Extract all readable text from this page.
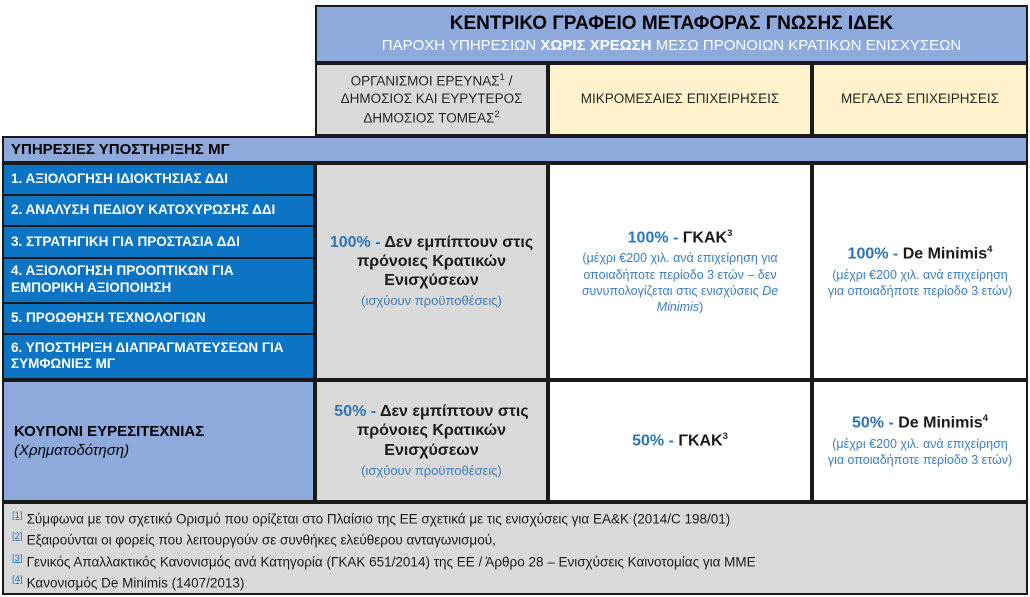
ΚΕΝΤΡΙΚΟ ΓΡΑΦΕΙΟ ΜΕΤΑΦΟΡΑΣ ΓΝΩΣΗΣ ΙΔΕΚ
ΠΑΡΟΧΗ ΥΠΗΡΕΣΙΩΝ ΧΩΡΙΣ ΧΡΕΩΣΗ ΜΕΣΩ ΠΡΟΝΟΙΩΝ ΚΡΑΤΙΚΩΝ ΕΝΙΣΧΥΣΕΩΝ
ΟΡΓΑΝΙΣΜΟΙ ΕΡΕΥΝΑΣ$^1$ / ΔΗΜΟΣΙΟΣ ΚΑΙ ΕΥΡΥΤΕΡΟΣ ΔΗΜΟΣΙΟΣ ΤΟΜΕΑΣ$^2$
ΜΙΚΡΟΜΕΣΑΙΕΣ ΕΠΙΧΕΙΡΗΣΕΙΣ	ΜΕΓΑΛΕΣ ΕΠΙΧΕΙΡΗΣΕΙΣ
ΥΠΗΡΕΣΙΕΣ ΥΠΟΣΤΗΡΙΞΗΣ ΜΓ
1. ΑΞΙΟΛΟΓΗΣΗ ΙΔΙΟΚΤΗΣΙΑΣ ΔΔΙ
2. ΑΝΑΛΥΣΗ ΠΕΔΙΟΥ ΚΑΤΟΧΥΡΩΣΗΣ ΔΔΙ
3. ΣΤΡΑΤΗΓΙΚΗ ΓΙΑ ΠΡΟΣΤΑΣΙΑ ΔΔΙ
4. ΑΞΙΟΛΟΓΗΣΗ ΠΡΟΟΠΤΙΚΩΝ ΓΙΑ ΕΜΠΟΡΙΚΗ ΑΞΙΟΠΟΙΗΣΗ
5. ΠΡΟΩΘΗΣΗ ΤΕΧΝΟΛΟΓΙΩΝ
6. ΥΠΟΣΤΗΡΙΞΗ ΔΙΑΠΡΑΓΜΑΤΕΥΣΕΩΝ ΓΙΑ ΣΥΜΦΩΝΙΕΣ ΜΓ
100% - Δεν εμπίπτουν στις πρόνοιες Κρατικών Ενισχύσεων
(ισχύουν προϋποθέσεις)
100% - ΓΚΑΚ$^3$
(μέχρι €200 χιλ. ανά επιχείρηση για οποιαδήποτε περίοδο 3 ετών – δεν συνυπολογίζεται στις ενισχύσεις De Minimis)
100% - De Minimis$^4$
(μέχρι €200 χιλ. ανά επιχείρηση για οποιαδήποτε περίοδο 3 ετών)
ΚΟΥΠΟΝΙ ΕΥΡΕΣΙΤΕΧΝΙΑΣ
(Χρηματοδότηση)
50% - Δεν εμπίπτουν στις πρόνοιες Κρατικών Ενισχύσεων
(ισχύουν προϋποθέσεις)
50% - ΓΚΑΚ$^3$
50% - De Minimis$^4$
(μέχρι €200 χιλ. ανά επιχείρηση για οποιαδήποτε περίοδο 3 ετών)
[1] Σύμφωνα με τον σχετικό Ορισμό που ορίζεται στο Πλαίσιο της ΕΕ σχετικά με τις ενισχύσεις για ΕΑ&Κ (2014/C 198/01)
[2] Εξαιρούνται οι φορείς που λειτουργούν σε συνθήκες ελεύθερου ανταγωνισμού,
[3] Γενικός Απαλλακτικός Κανονισμός ανά Κατηγορία (ΓΚΑΚ 651/2014) της ΕΕ / Άρθρο 28 – Ενισχύσεις Καινοτομίας για ΜΜΕ
[4] Κανονισμός De Minimis (1407/2013)
